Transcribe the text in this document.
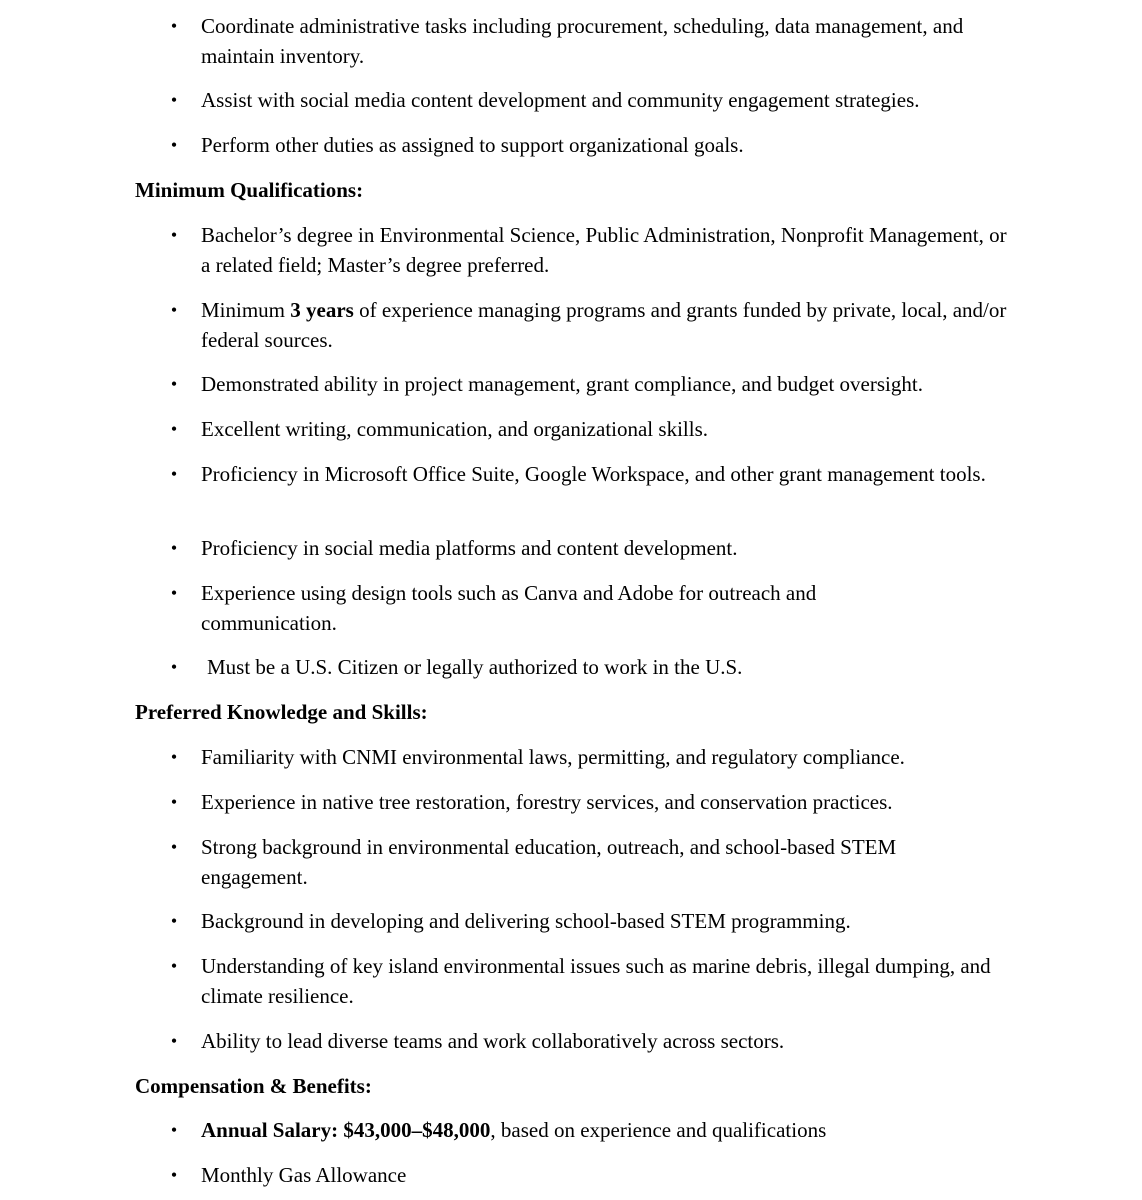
• Coordinate administrative tasks including procurement, scheduling, data management, and maintain inventory.
• Assist with social media content development and community engagement strategies.
• Perform other duties as assigned to support organizational goals.
Minimum Qualifications:
• Bachelor’s degree in Environmental Science, Public Administration, Nonprofit Management, or a related field; Master’s degree preferred.
• Minimum 3 years of experience managing programs and grants funded by private, local, and/or federal sources.
• Demonstrated ability in project management, grant compliance, and budget oversight.
• Excellent writing, communication, and organizational skills.
• Proficiency in Microsoft Office Suite, Google Workspace, and other grant management tools.
• Proficiency in social media platforms and content development.
• Experience using design tools such as Canva and Adobe for outreach and communication.
• Must be a U.S. Citizen or legally authorized to work in the U.S.
Preferred Knowledge and Skills:
• Familiarity with CNMI environmental laws, permitting, and regulatory compliance.
• Experience in native tree restoration, forestry services, and conservation practices.
• Strong background in environmental education, outreach, and school-based STEM engagement.
• Background in developing and delivering school-based STEM programming.
• Understanding of key island environmental issues such as marine debris, illegal dumping, and climate resilience.
• Ability to lead diverse teams and work collaboratively across sectors.
Compensation & Benefits:
• Annual Salary: $43,000–$48,000, based on experience and qualifications
• Monthly Gas Allowance
